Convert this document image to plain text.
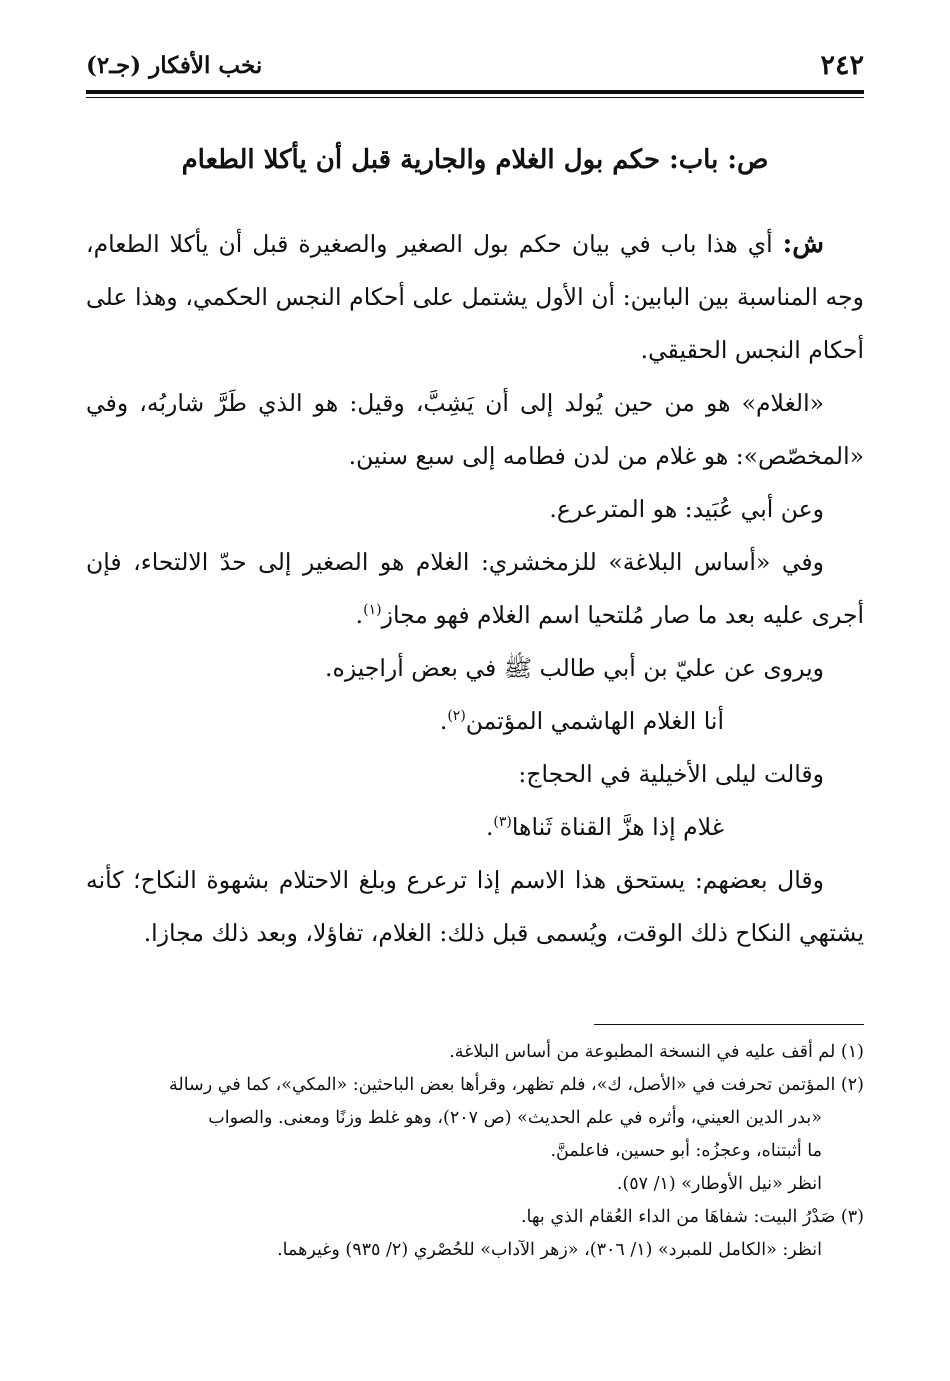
٢٤٢
نخب الأفكار (جـ٢)
ص: باب: حكم بول الغلام والجارية قبل أن يأكلا الطعام

ش: أي هذا باب في بيان حكم بول الصغير والصغيرة قبل أن يأكلا الطعام، وجه المناسبة بين البابين: أن الأول يشتمل على أحكام النجس الحكمي، وهذا على أحكام النجس الحقيقي.

«الغلام» هو من حين يُولد إلى أن يَشِبَّ، وقيل: هو الذي طَرَّ شاربُه، وفي «المخصّص»: هو غلام من لدن فطامه إلى سبع سنين.

وعن أبي عُبَيد: هو المترعرع.

وفي «أساس البلاغة» للزمخشري: الغلام هو الصغير إلى حدّ الالتحاء، فإن أجرى عليه بعد ما صار مُلتحيا اسم الغلام فهو مجاز$^{(١)}$.

ويروى عن عليّ بن أبي طالب ﷺ في بعض أراجيزه.

أنا الغلام الهاشمي المؤتمن$^{(٢)}$.

وقالت ليلى الأخيلية في الحجاج:

غلام إذا هزَّ القناة ثَناها$^{(٣)}$.

وقال بعضهم: يستحق هذا الاسم إذا ترعرع وبلغ الاحتلام بشهوة النكاح؛ كأنه يشتهي النكاح ذلك الوقت، ويُسمى قبل ذلك: الغلام، تفاؤلا، وبعد ذلك مجازا.

(١) لم أقف عليه في النسخة المطبوعة من أساس البلاغة.

(٢) المؤتمن تحرفت في «الأصل، ك»، فلم تظهر، وقرأها بعض الباحثين: «المكي»، كما في رسالة

«بدر الدين العيني، وأثره في علم الحديث» (ص ٢٠٧)، وهو غلط وزنًا ومعنى. والصواب

ما أثبتناه، وعجزُه: أبو حسين، فاعلمنَّ.

انظر «نيل الأوطار» (١/ ٥٧).

(٣) صَدْرُ البيت: شفاهَا من الداء العُقام الذي بها.

انظر: «الكامل للمبرد» (١/ ٣٠٦)، «زهر الآداب» للحُصْري (٢/ ٩٣٥) وغيرهما.
